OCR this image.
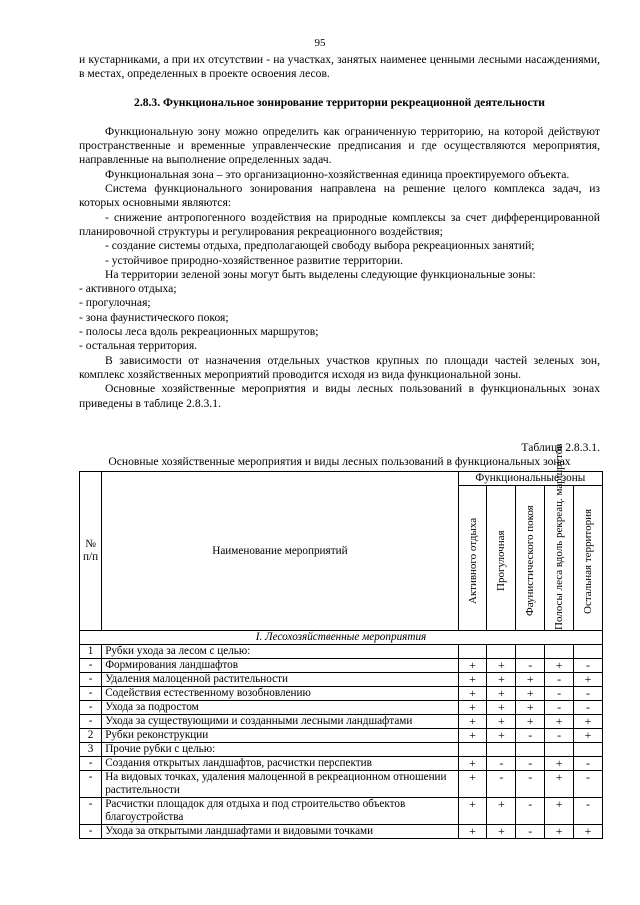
95

и кустарниками, а при их отсутствии - на участках, занятых наименее ценными лесными насаждениями, в местах, определенных в проекте освоения лесов.

2.8.3. Функциональное зонирование территории рекреационной деятельности

Функциональную зону можно определить как ограниченную территорию, на которой действуют пространственные и временные управленческие предписания и где осуществляются мероприятия, направленные на выполнение определенных задач.

Функциональная зона – это организационно-хозяйственная единица проектируемого объекта.

Система функционального зонирования направлена на решение целого комплекса задач, из которых основными являются:

- снижение антропогенного воздействия на природные комплексы за счет дифференцированной планировочной структуры и регулирования рекреационного воздействия;

- создание системы отдыха, предполагающей свободу выбора рекреационных занятий;

- устойчивое природно-хозяйственное развитие территории.

На территории зеленой зоны могут быть выделены следующие функциональные зоны:

- активного отдыха;

- прогулочная;

- зона фаунистического покоя;

- полосы леса вдоль рекреационных маршрутов;

- остальная территория.

В зависимости от назначения отдельных участков крупных по площади частей зеленых зон, комплекс хозяйственных мероприятий проводится исходя из вида функциональной зоны.

Основные хозяйственные мероприятия и виды лесных пользований в функциональных зонах приведены в таблице 2.8.3.1.

Таблица 2.8.3.1.
Основные хозяйственные мероприятия и виды лесных пользований в функциональных зонах
№ п/п	Наименование мероприятий	Функциональные зоны				

		Активного отдыха	Прогулочная	Фаунистического покоя	Полосы леса вдоль рекреац. маршрутов	Остальная территория

I. Лесохозяйственные мероприятия						
1	Рубки ухода за лесом с целью:					
-	Формирования ландшафтов	+	+	-	+	-
-	Удаления малоценной растительности	+	+	+	-	+
-	Содействия естественному возобновлению	+	+	+	-	-
-	Ухода за подростом	+	+	+	-	-
-	Ухода за существующими и созданными лесными ландшафтами	+	+	+	+	+
2	Рубки реконструкции	+	+	-	-	+
3	Прочие рубки с целью:					
-	Создания открытых ландшафтов, расчистки перспектив	+	-	-	+	-
-	На видовых точках, удаления малоценной в рекреационном отношении растительности	+	-	-	+	-
-	Расчистки площадок для отдыха и под строительство объектов благоустройства	+	+	-	+	-
-	Ухода за открытыми ландшафтами и видовыми точками	+	+	-	+	+
